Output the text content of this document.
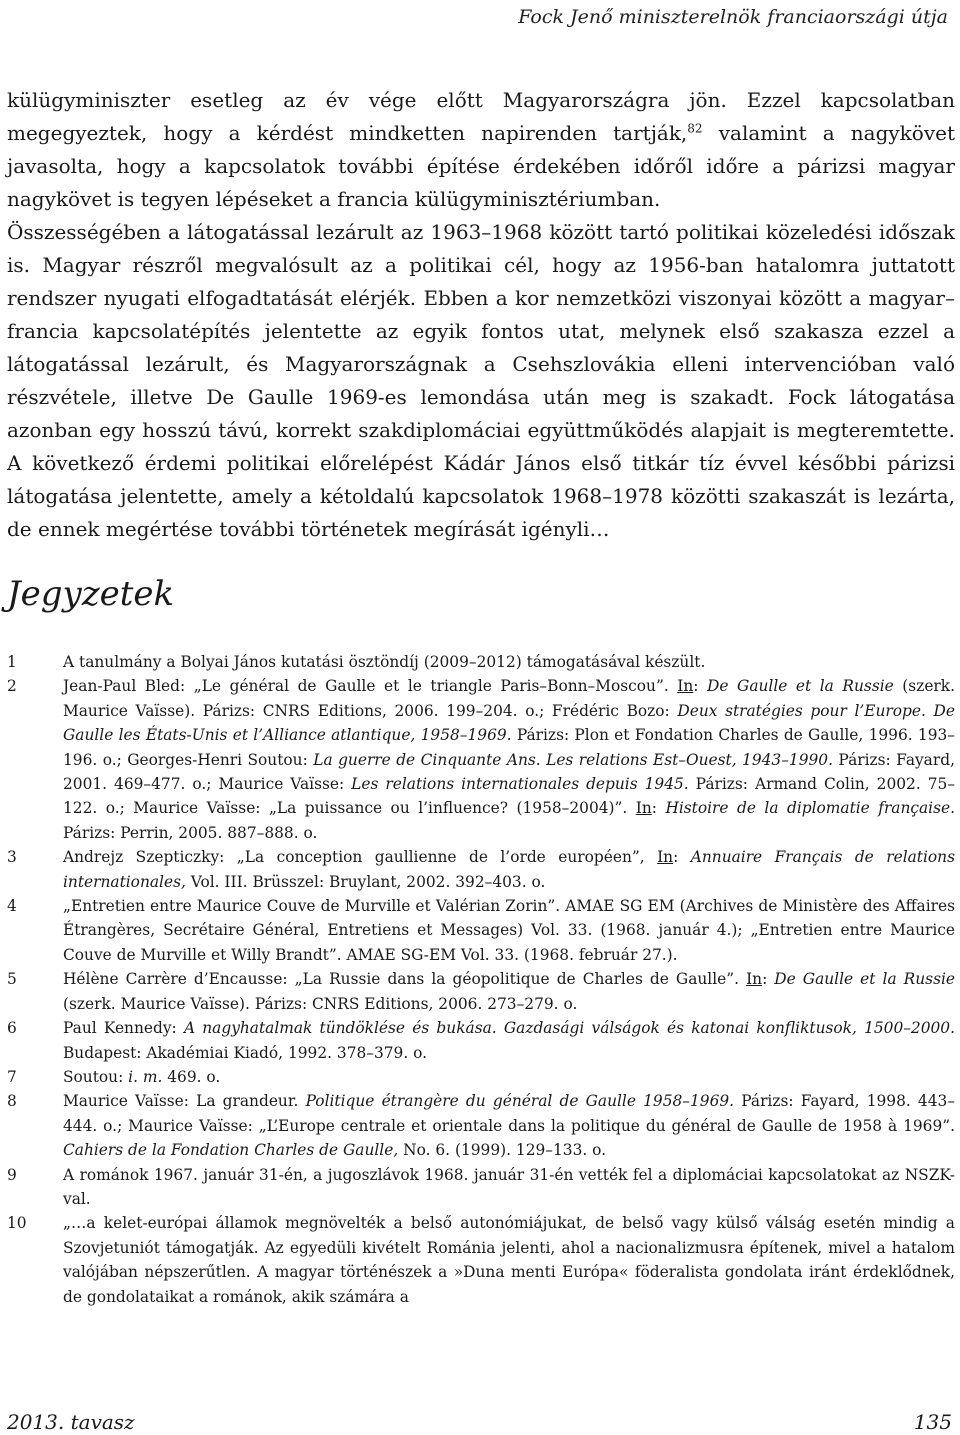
Fock Jenő miniszterelnök franciaországi útja

külügyminiszter esetleg az év vége előtt Magyarországra jön. Ezzel kapcsolatban megegyeztek, hogy a kérdést mindketten napirenden tartják,$^{82}$ valamint a nagykövet javasolta, hogy a kapcsolatok további építése érdekében időről időre a párizsi magyar nagykövet is tegyen lépéseket a francia külügyminisztériumban.

Összességében a látogatással lezárult az 1963–1968 között tartó politikai közeledési időszak is. Magyar részről megvalósult az a politikai cél, hogy az 1956-ban hatalomra juttatott rendszer nyugati elfogadtatását elérjék. Ebben a kor nemzetközi viszonyai között a magyar–francia kapcsolatépítés jelentette az egyik fontos utat, melynek első szakasza ezzel a látogatással lezárult, és Magyarországnak a Csehszlovákia elleni intervencióban való részvétele, illetve De Gaulle 1969-es lemondása után meg is szakadt. Fock látogatása azonban egy hosszú távú, korrekt szakdiplomáciai együttműködés alapjait is megteremtette. A következő érdemi politikai előrelépést Kádár János első titkár tíz évvel későbbi párizsi látogatása jelentette, amely a kétoldalú kapcsolatok 1968–1978 közötti szakaszát is lezárta, de ennek megértése további történetek megírását igényli…

Jegyzetek
1	A tanulmány a Bolyai János kutatási ösztöndíj (2009–2012) támogatásával készült.
2	Jean-Paul Bled: „Le général de Gaulle et le triangle Paris–Bonn–Moscou”. In: De Gaulle et la Russie (szerk. Maurice Vaïsse). Párizs: CNRS Editions, 2006. 199–204. o.; Frédéric Bozo: Deux stratégies pour l’Europe. De Gaulle les États-Unis et l’Alliance atlantique, 1958–1969. Párizs: Plon et Fondation Charles de Gaulle, 1996. 193–196. o.; Georges-Henri Soutou: La guerre de Cinquante Ans. Les relations Est–Ouest, 1943–1990. Párizs: Fayard, 2001. 469–477. o.; Maurice Vaïsse: Les relations internationales depuis 1945. Párizs: Armand Colin, 2002. 75–122. o.; Maurice Vaïsse: „La puissance ou l’influence? (1958–2004)”. In: Histoire de la diplomatie française. Párizs: Perrin, 2005. 887–888. o.
3	Andrejz Szepticzky: „La conception gaullienne de l’orde européen”, In: Annuaire Français de relations internationales, Vol. III. Brüsszel: Bruylant, 2002. 392–403. o.
4	„Entretien entre Maurice Couve de Murville et Valérian Zorin”. AMAE SG EM (Archives de Ministère des Affaires Étrangères, Secrétaire Général, Entretiens et Messages) Vol. 33. (1968. január 4.); „Entretien entre Maurice Couve de Murville et Willy Brandt”. AMAE SG-EM Vol. 33. (1968. február 27.).
5	Hélène Carrère d’Encausse: „La Russie dans la géopolitique de Charles de Gaulle”. In: De Gaulle et la Russie (szerk. Maurice Vaïsse). Párizs: CNRS Editions, 2006. 273–279. o.
6	Paul Kennedy: A nagyhatalmak tündöklése és bukása. Gazdasági válságok és katonai konfliktusok, 1500–2000. Budapest: Akadémiai Kiadó, 1992. 378–379. o.
7	Soutou: i. m. 469. o.
8	Maurice Vaïsse: La grandeur. Politique étrangère du général de Gaulle 1958–1969. Párizs: Fayard, 1998. 443–444. o.; Maurice Vaïsse: „L’Europe centrale et orientale dans la politique du général de Gaulle de 1958 à 1969”. Cahiers de la Fondation Charles de Gaulle, No. 6. (1999). 129–133. o.
9	A románok 1967. január 31-én, a jugoszlávok 1968. január 31-én vették fel a diplomáciai kapcsolatokat az NSZK-val.
10	„…a kelet-európai államok megnövelték a belső autonómiájukat, de belső vagy külső válság esetén mindig a Szovjetuniót támogatják. Az egyedüli kivételt Románia jelenti, ahol a nacionalizmusra építenek, mivel a hatalom valójában népszerűtlen. A magyar történészek a »Duna menti Európa« föderalista gondolata iránt érdeklődnek, de gondolataikat a románok, akik számára a
2013. tavasz	135
